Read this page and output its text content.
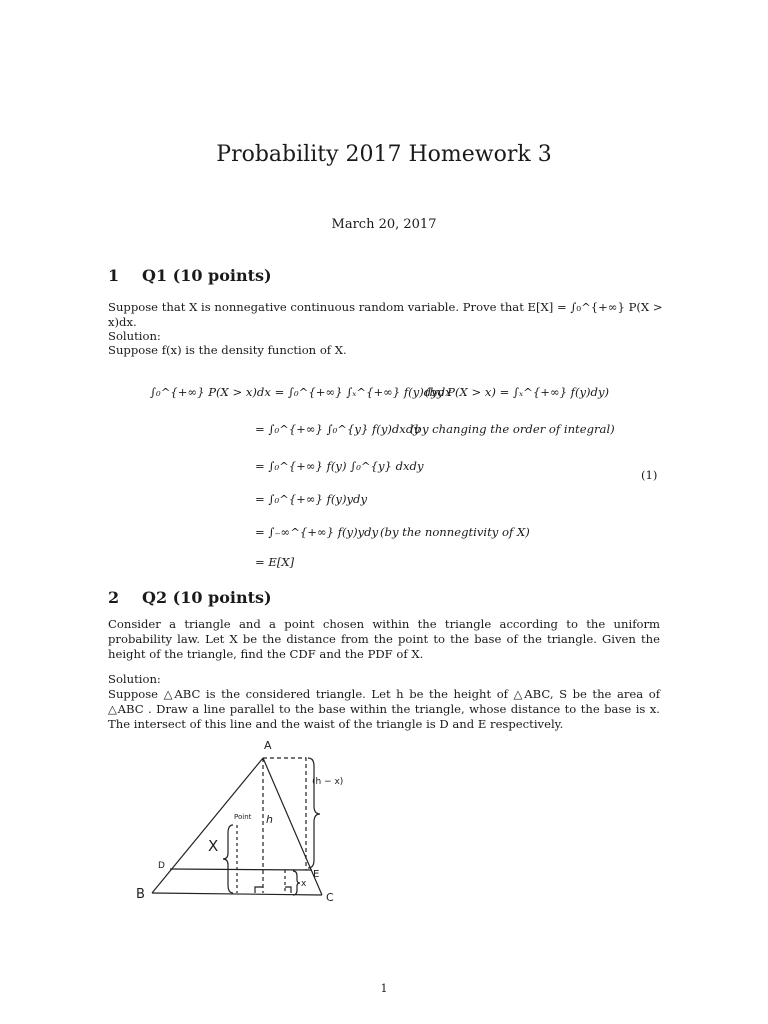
Probability 2017 Homework 3
March 20, 2017
1 Q1 (10 points)
Suppose that X is nonnegative continuous random variable. Prove that E[X] = ∫₀^{+∞} P(X > x)dx.
Solution:
Suppose f(x) is the density function of X.
∫₀^{+∞} P(X > x)dx = ∫₀^{+∞} ∫ₓ^{+∞} f(y)dydx
(by P(X > x) = ∫ₓ^{+∞} f(y)dy)
= ∫₀^{+∞} ∫₀^{y} f(y)dxdy
(by changing the order of integral)
= ∫₀^{+∞} f(y) ∫₀^{y} dxdy
(1)
= ∫₀^{+∞} f(y)ydy
= ∫₋∞^{+∞} f(y)ydy (by the nonnegtivity of X)
= E[X]
2 Q2 (10 points)
Consider a triangle and a point chosen within the triangle according to the uniform probability law. Let X be the distance from the point to the base of the triangle. Given the height of the triangle, find the CDF and the PDF of X.
Solution:
Suppose △ABC is the considered triangle. Let h be the height of △ABC, S be the area of △ABC . Draw a line parallel to the base within the triangle, whose distance to the base is x. The intersect of this line and the waist of the triangle is D and E respectively.
A
B	C
D
E
h
(h − x)
X
x
Point
1
